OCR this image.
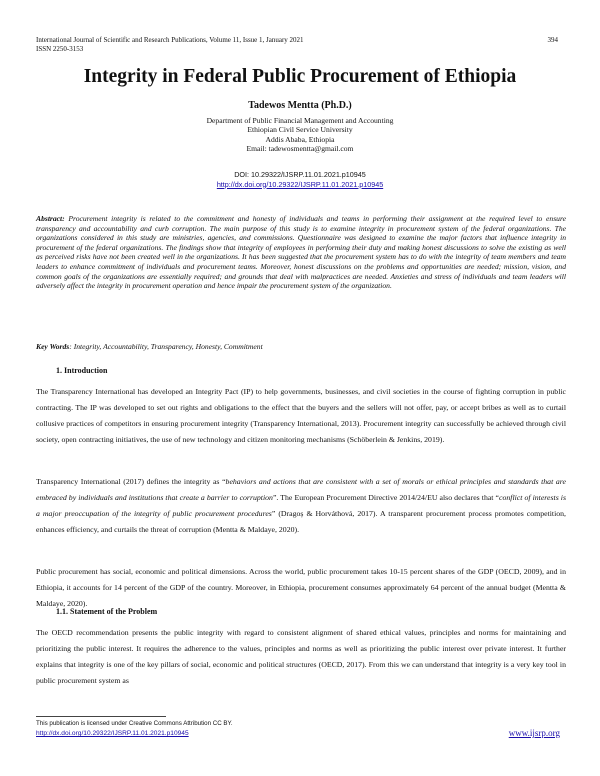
International Journal of Scientific and Research Publications, Volume 11, Issue 1, January 2021
ISSN 2250-3153
394
Integrity in Federal Public Procurement of Ethiopia
Tadewos Mentta (Ph.D.)
Department of Public Financial Management and Accounting
Ethiopian Civil Service University
Addis Ababa, Ethiopia
Email: tadewosmentta@gmail.com
DOI: 10.29322/IJSRP.11.01.2021.p10945
http://dx.doi.org/10.29322/IJSRP.11.01.2021.p10945
Abstract: Procurement integrity is related to the commitment and honesty of individuals and teams in performing their assignment at the required level to ensure transparency and accountability and curb corruption. The main purpose of this study is to examine integrity in procurement system of the federal organizations. The organizations considered in this study are ministries, agencies, and commissions. Questionnaire was designed to examine the major factors that influence integrity in procurement of the federal organizations. The findings show that integrity of employees in performing their duty and making honest discussions to solve the existing as well as perceived risks have not been created well in the organizations. It has been suggested that the procurement system has to do with the integrity of team members and team leaders to enhance commitment of individuals and procurement teams. Moreover, honest discussions on the problems and opportunities are needed; mission, vision, and common goals of the organizations are essentially required; and grounds that deal with malpractices are needed. Anxieties and stress of individuals and team leaders will adversely affect the integrity in procurement operation and hence impair the procurement system of the organization.
Key Words: Integrity, Accountability, Transparency, Honesty, Commitment
1. Introduction
The Transparency International has developed an Integrity Pact (IP) to help governments, businesses, and civil societies in the course of fighting corruption in public contracting. The IP was developed to set out rights and obligations to the effect that the buyers and the sellers will not offer, pay, or accept bribes as well as to curtail collusive practices of competitors in ensuring procurement integrity (Transparency International, 2013). Procurement integrity can successfully be achieved through civil society, open contracting initiatives, the use of new technology and citizen monitoring mechanisms (Schöberlein & Jenkins, 2019).
Transparency International (2017) defines the integrity as “behaviors and actions that are consistent with a set of morals or ethical principles and standards that are embraced by individuals and institutions that create a barrier to corruption”. The European Procurement Directive 2014/24/EU also declares that “conflict of interests is a major preoccupation of the integrity of public procurement procedures” (Dragoș & Horváthová, 2017). A transparent procurement process promotes competition, enhances efficiency, and curtails the threat of corruption (Mentta & Maldaye, 2020).
Public procurement has social, economic and political dimensions. Across the world, public procurement takes 10-15 percent shares of the GDP (OECD, 2009), and in Ethiopia, it accounts for 14 percent of the GDP of the country. Moreover, in Ethiopia, procurement consumes approximately 64 percent of the annual budget (Mentta & Maldaye, 2020).
1.1. Statement of the Problem
The OECD recommendation presents the public integrity with regard to consistent alignment of shared ethical values, principles and norms for maintaining and prioritizing the public interest. It requires the adherence to the values, principles and norms as well as prioritizing the public interest over private interest. It further explains that integrity is one of the key pillars of social, economic and political structures (OECD, 2017). From this we can understand that integrity is a very key tool in public procurement system as
This publication is licensed under Creative Commons Attribution CC BY.
http://dx.doi.org/10.29322/IJSRP.11.01.2021.p10945	www.ijsrp.org
